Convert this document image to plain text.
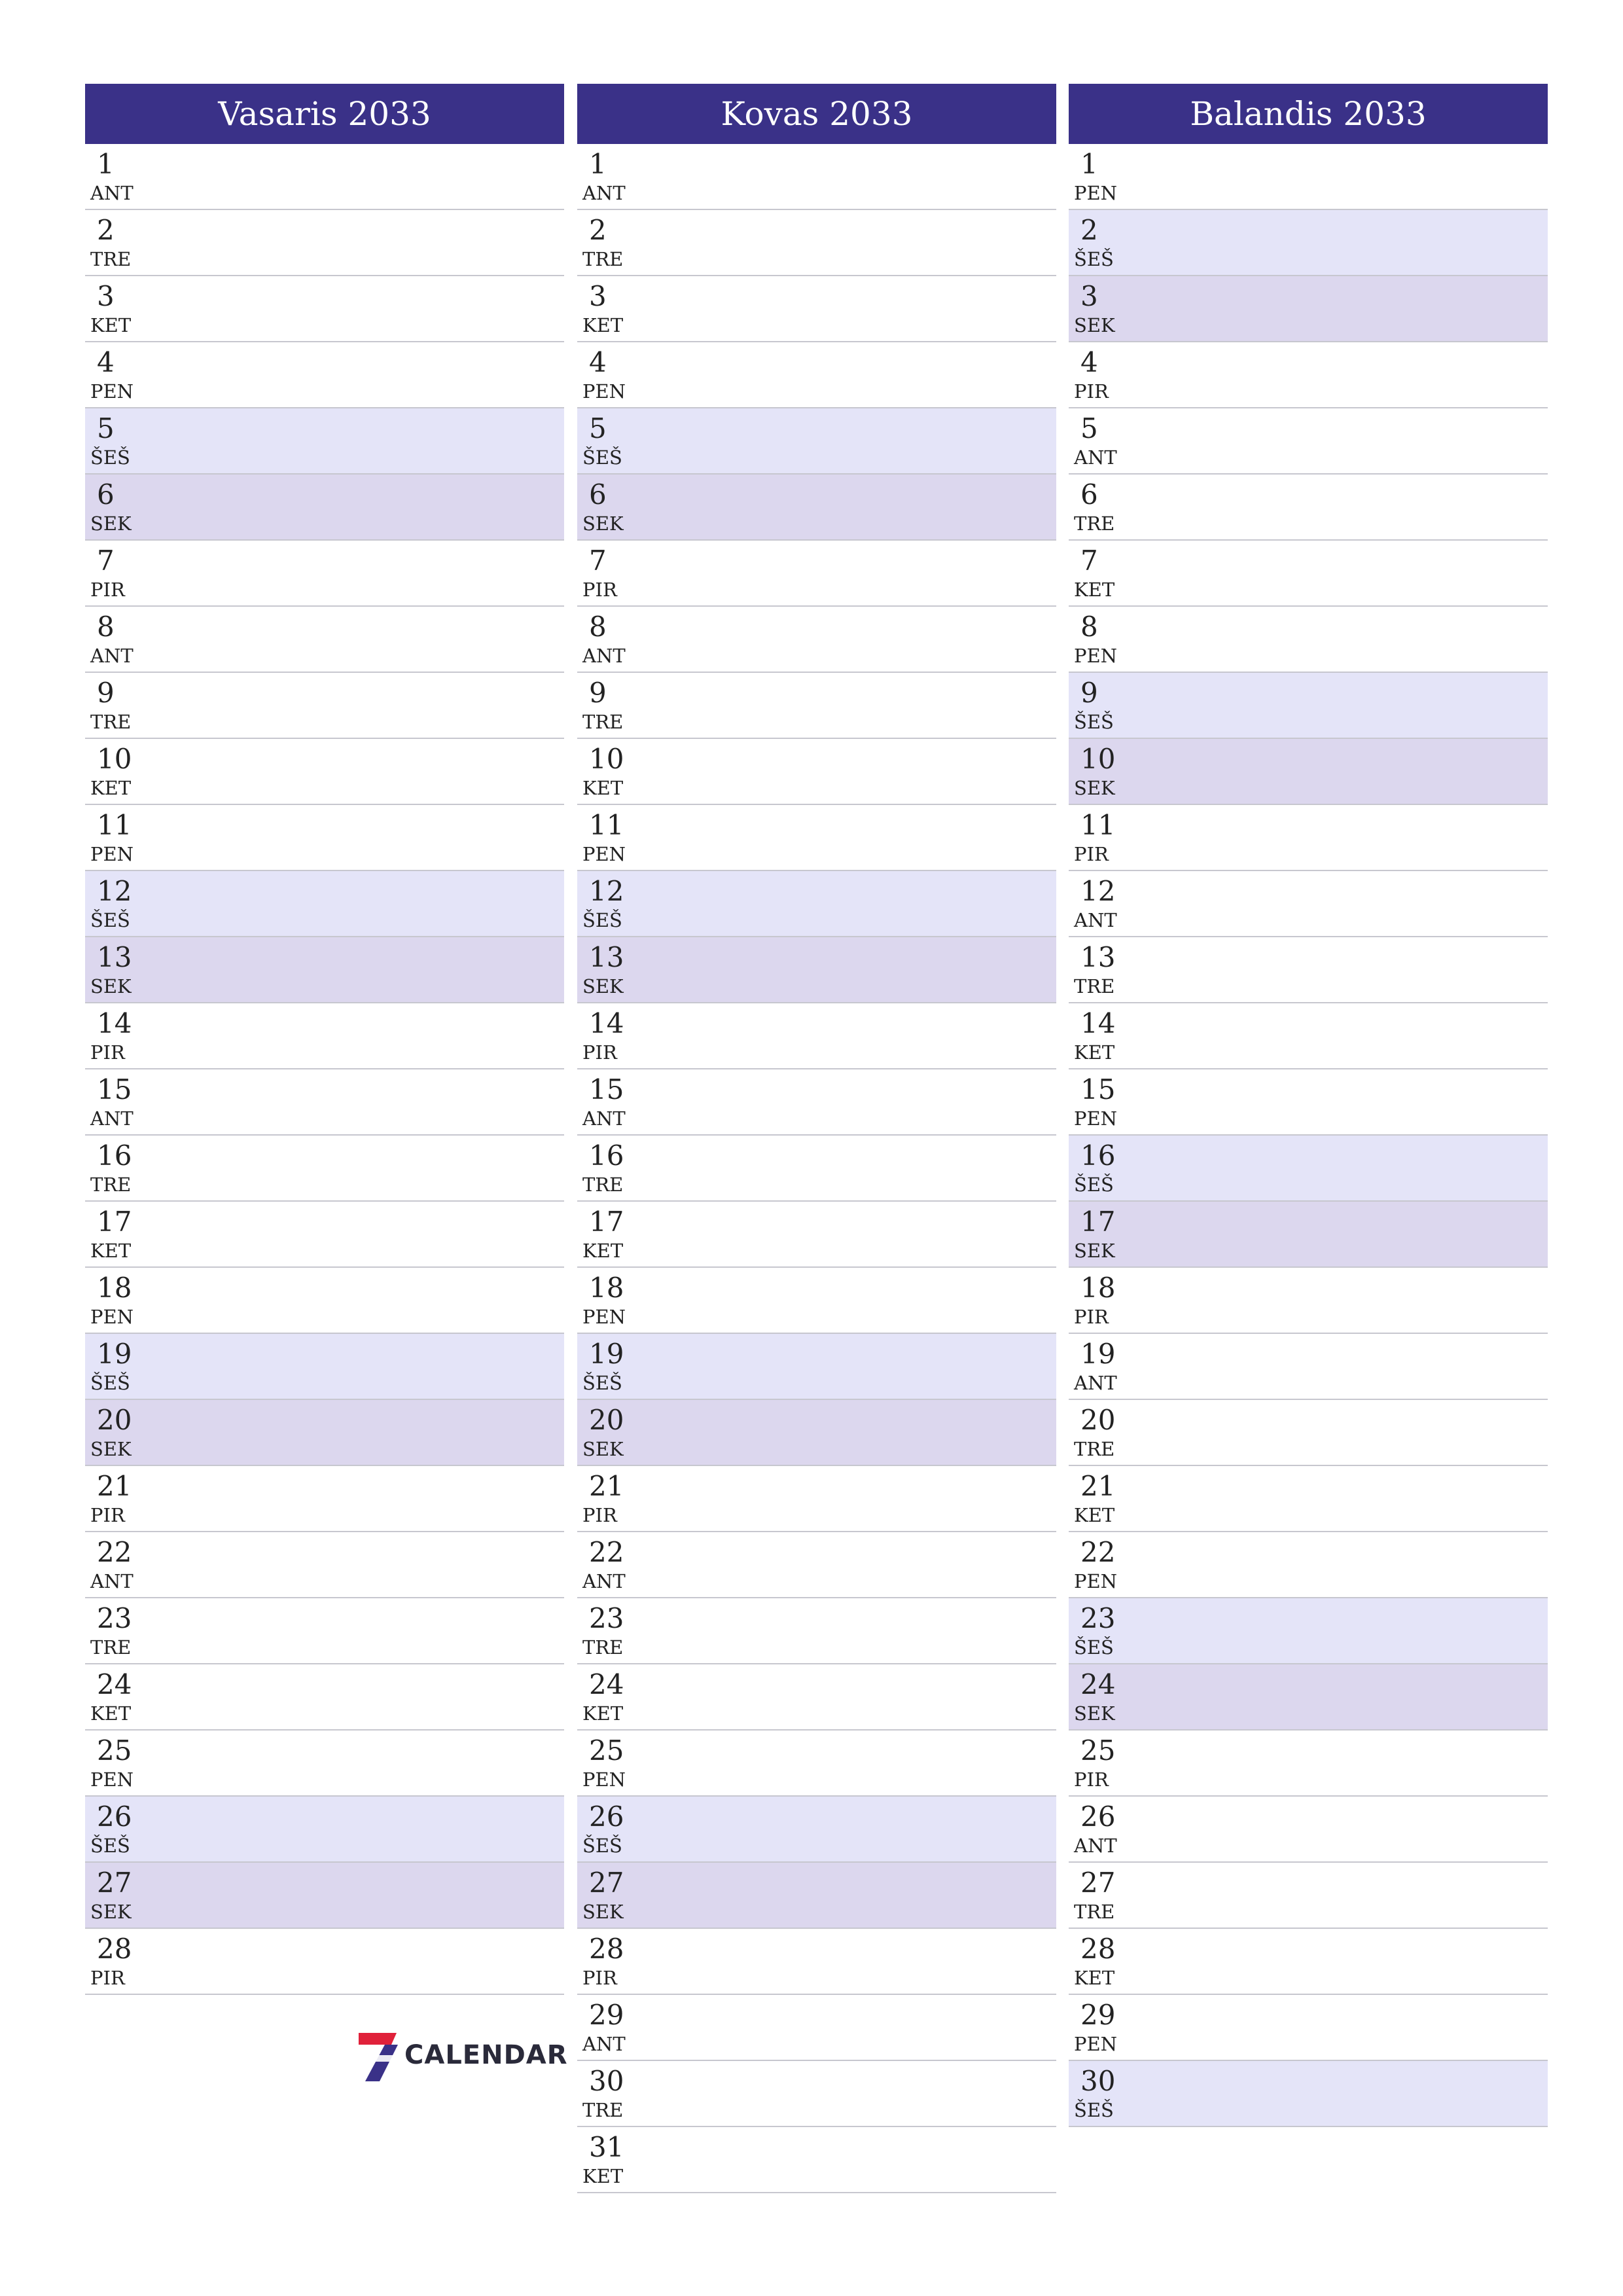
Vasaris 2033
1
ANT
2
TRE
3
KET
4
PEN
5
ŠEŠ
6
SEK
7
PIR
8
ANT
9
TRE
10
KET
11
PEN
12
ŠEŠ
13
SEK
14
PIR
15
ANT
16
TRE
17
KET
18
PEN
19
ŠEŠ
20
SEK
21
PIR
22
ANT
23
TRE
24
KET
25
PEN
26
ŠEŠ
27
SEK
28
PIR
Kovas 2033
1
ANT
2
TRE
3
KET
4
PEN
5
ŠEŠ
6
SEK
7
PIR
8
ANT
9
TRE
10
KET
11
PEN
12
ŠEŠ
13
SEK
14
PIR
15
ANT
16
TRE
17
KET
18
PEN
19
ŠEŠ
20
SEK
21
PIR
22
ANT
23
TRE
24
KET
25
PEN
26
ŠEŠ
27
SEK
28
PIR
29
ANT
30
TRE
31
KET
Balandis 2033
1
PEN
2
ŠEŠ
3
SEK
4
PIR
5
ANT
6
TRE
7
KET
8
PEN
9
ŠEŠ
10
SEK
11
PIR
12
ANT
13
TRE
14
KET
15
PEN
16
ŠEŠ
17
SEK
18
PIR
19
ANT
20
TRE
21
KET
22
PEN
23
ŠEŠ
24
SEK
25
PIR
26
ANT
27
TRE
28
KET
29
PEN
30
ŠEŠ
CALENDAR
